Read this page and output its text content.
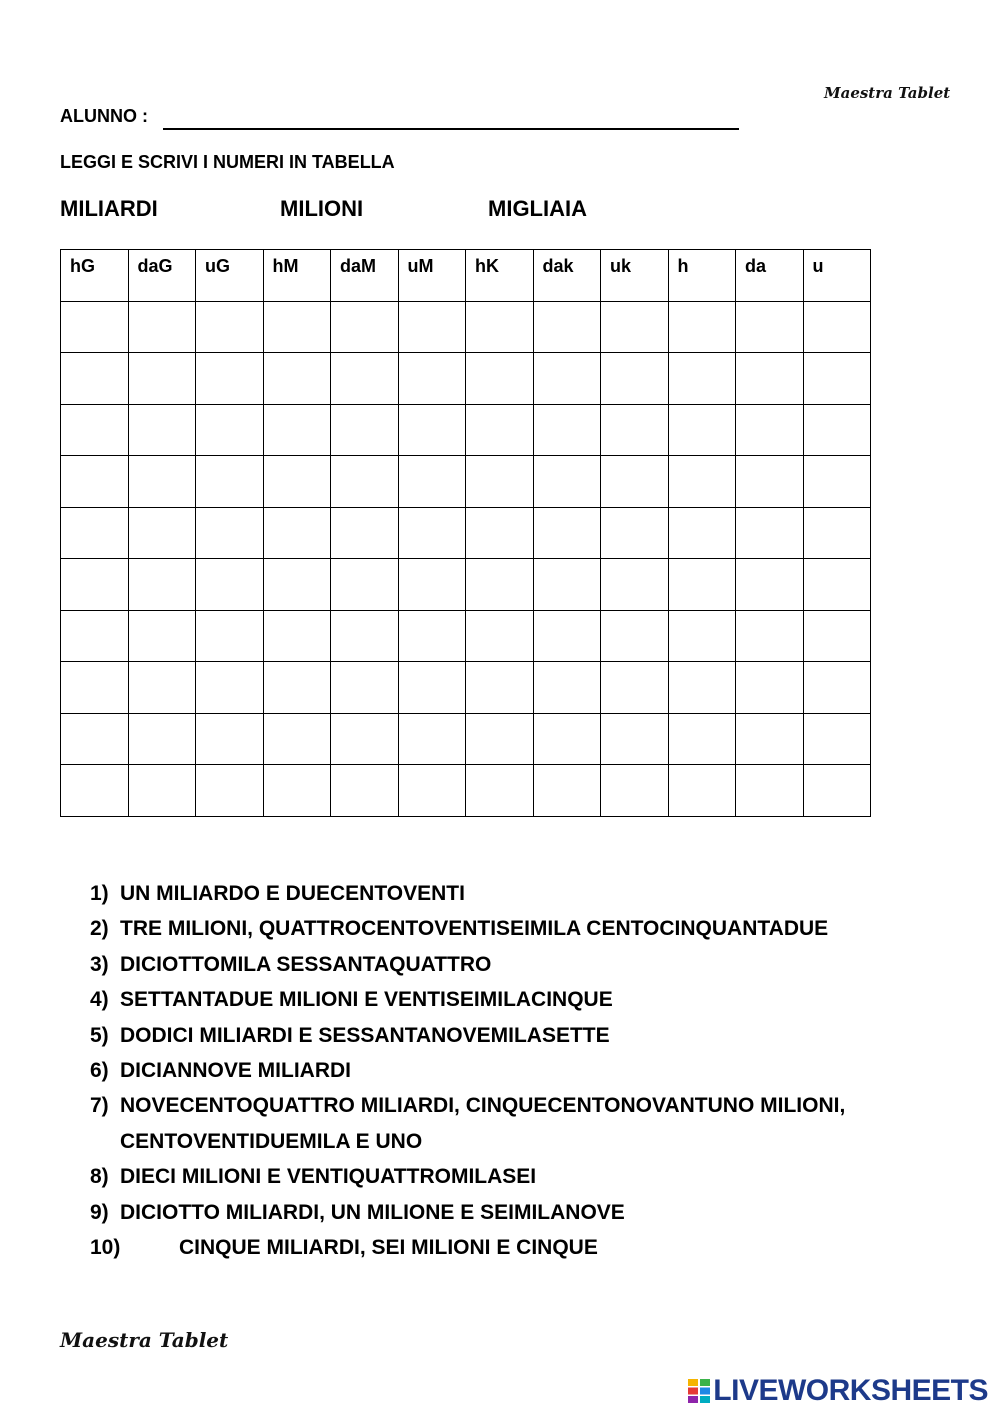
Maestra Tablet
ALUNNO :
LEGGI E SCRIVI I NUMERI IN TABELLA
MILIARDI	MILIONI	MIGLIAIA
hG	daG	uG	hM	daM	uM	hK	dak	uk	h	da	u

1) UN MILIARDO E DUECENTOVENTI
2) TRE MILIONI, QUATTROCENTOVENTISEIMILA CENTOCINQUANTADUE
3) DICIOTTOMILA SESSANTAQUATTRO
4) SETTANTADUE MILIONI E VENTISEIMILACINQUE
5) DODICI MILIARDI E SESSANTANOVEMILASETTE
6) DICIANNOVE MILIARDI
7) NOVECENTOQUATTRO MILIARDI, CINQUECENTONOVANTUNO MILIONI, CENTOVENTIDUEMILA E UNO
8) DIECI MILIONI E VENTIQUATTROMILASEI
9) DICIOTTO MILIARDI, UN MILIONE E SEIMILANOVE
10)	CINQUE MILIARDI, SEI MILIONI E CINQUE
Maestra Tablet
LIVEWORKSHEETS
